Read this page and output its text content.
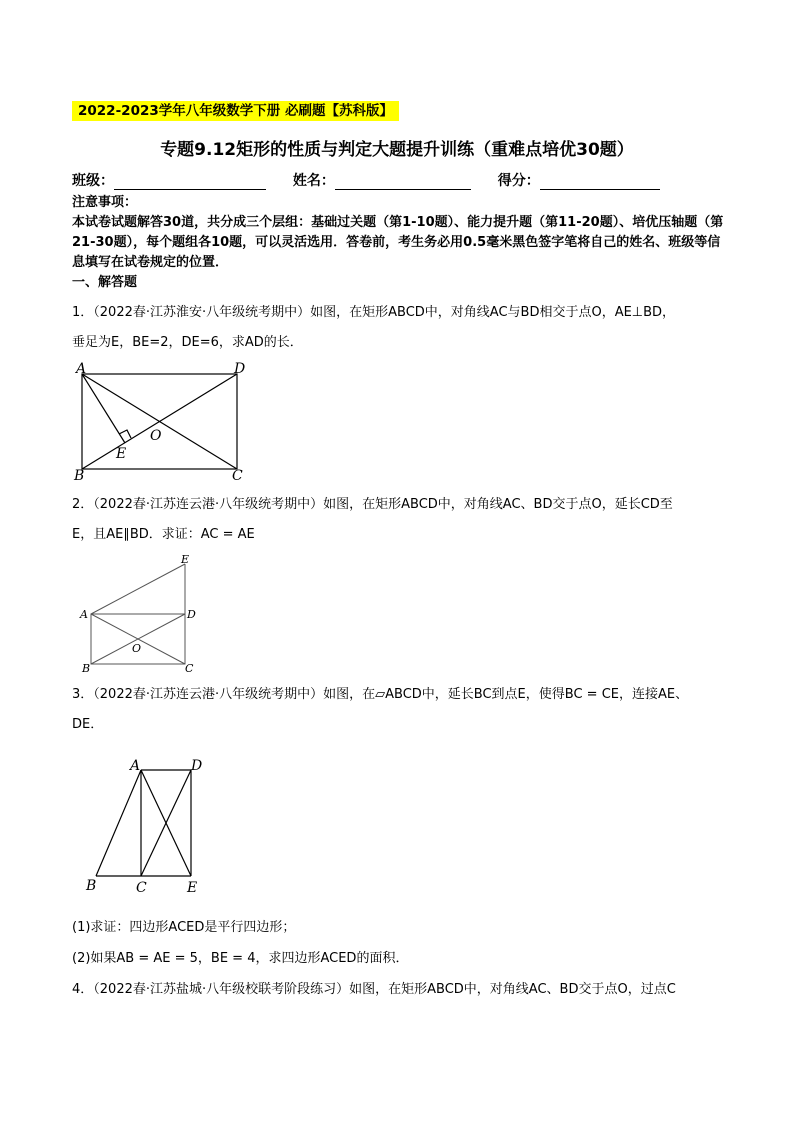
2022-2023学年八年级数学下册 必刷题【苏科版】
专题9.12矩形的性质与判定大题提升训练（重难点培优30题）
班级：	姓名：	得分：
注意事项：
本试卷试题解答30道，共分成三个层组：基础过关题（第1-10题）、能力提升题（第11-20题）、培优压轴题（第21-30题），每个题组各10题，可以灵活选用．答卷前，考生务必用0.5毫米黑色签字笔将自己的姓名、班级等信息填写在试卷规定的位置．
一、解答题
1．（2022春·江苏淮安·八年级统考期中）如图，在矩形ABCD中，对角线AC与BD相交于点O，AE⊥BD，
垂足为E，BE=2，DE=6，求AD的长．
A	D
O
E
B	C
2．（2022春·江苏连云港·八年级统考期中）如图，在矩形ABCD中，对角线AC、BD交于点O，延长CD至
E，且AE∥BD．求证：AC = AE
E
A	D
O
B	C
3．（2022春·江苏连云港·八年级统考期中）如图，在▱ABCD中，延长BC到点E，使得BC = CE，连接AE、
DE．
A	D
B	C	E
(1)求证：四边形ACED是平行四边形；
(2)如果AB = AE = 5，BE = 4，求四边形ACED的面积．
4．（2022春·江苏盐城·八年级校联考阶段练习）如图，在矩形ABCD中，对角线AC、BD交于点O，过点C
